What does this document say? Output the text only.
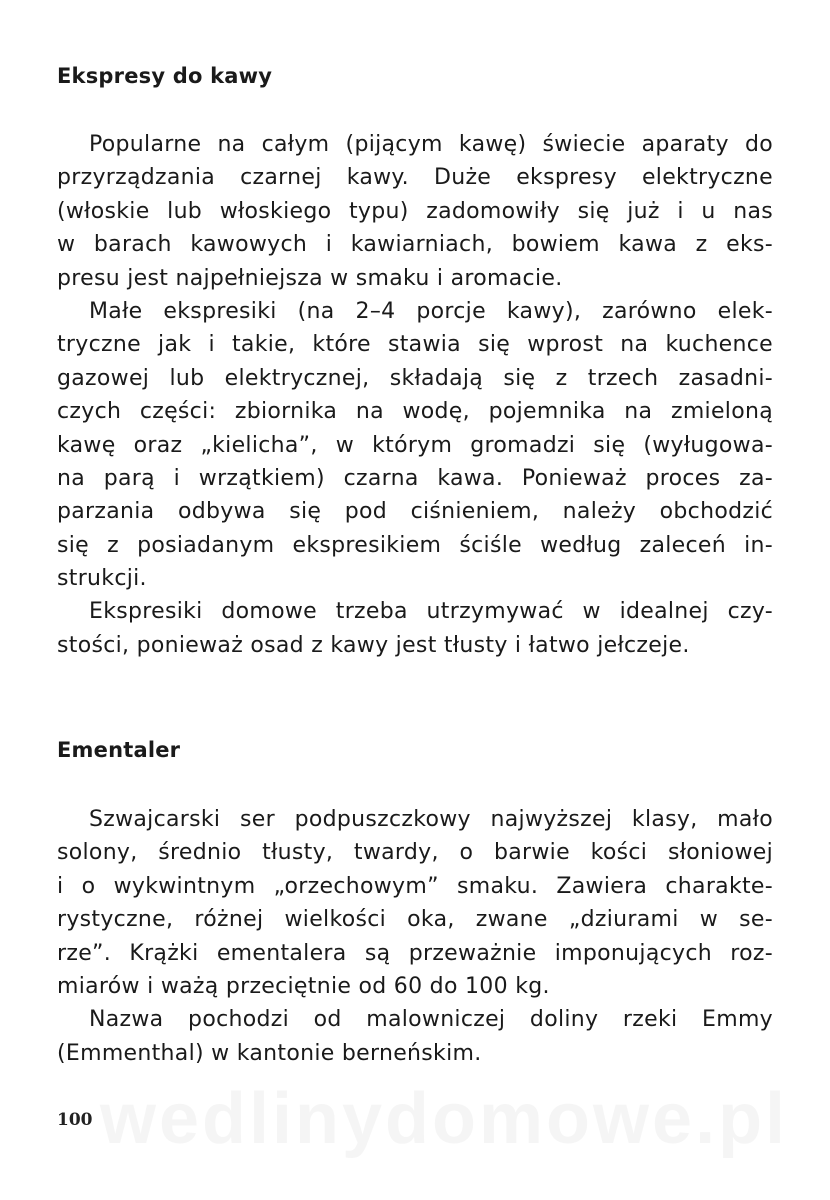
wedlinydomowe.pl
Ekspresy do kawy
Popularne na całym (pijącym kawę) świecie aparaty do
przyrządzania czarnej kawy. Duże ekspresy elektryczne
(włoskie lub włoskiego typu) zadomowiły się już i u nas
w barach kawowych i kawiarniach, bowiem kawa z eks-
presu jest najpełniejsza w smaku i aromacie.
Małe ekspresiki (na 2–4 porcje kawy), zarówno elek-
tryczne jak i takie, które stawia się wprost na kuchence
gazowej lub elektrycznej, składają się z trzech zasadni-
czych części: zbiornika na wodę, pojemnika na zmieloną
kawę oraz „kielicha”, w którym gromadzi się (wyługowa-
na parą i wrzątkiem) czarna kawa. Ponieważ proces za-
parzania odbywa się pod ciśnieniem, należy obchodzić
się z posiadanym ekspresikiem ściśle według zaleceń in-
strukcji.
Ekspresiki domowe trzeba utrzymywać w idealnej czy-
stości, ponieważ osad z kawy jest tłusty i łatwo jełczeje.
Ementaler
Szwajcarski ser podpuszczkowy najwyższej klasy, mało
solony, średnio tłusty, twardy, o barwie kości słoniowej
i o wykwintnym „orzechowym” smaku. Zawiera charakte-
rystyczne, różnej wielkości oka, zwane „dziurami w se-
rze”. Krążki ementalera są przeważnie imponujących roz-
miarów i ważą przeciętnie od 60 do 100 kg.
Nazwa pochodzi od malowniczej doliny rzeki Emmy
(Emmenthal) w kantonie berneńskim.
100
